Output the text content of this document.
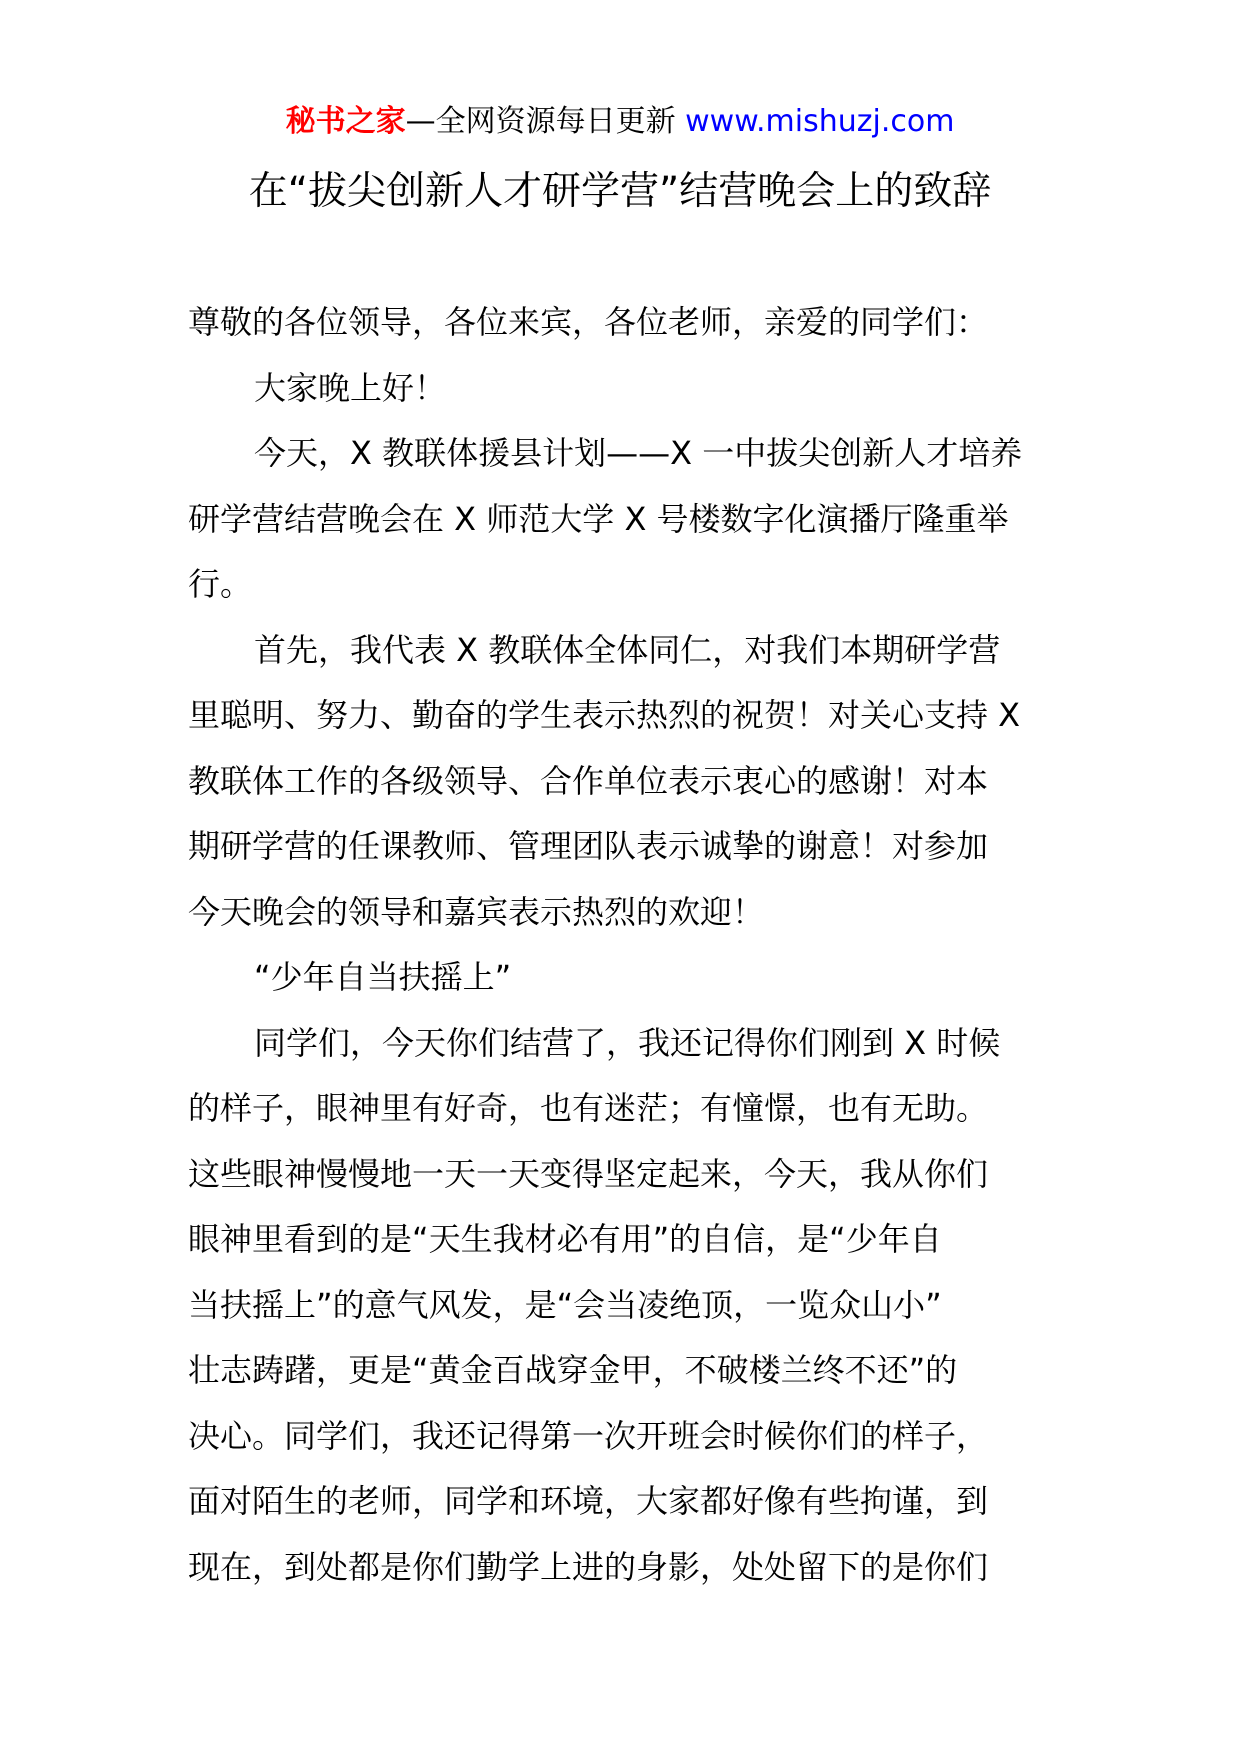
秘书之家—全网资源每日更新 www.mishuzj.com
在“拔尖创新人才研学营”结营晚会上的致辞

尊敬的各位领导，各位来宾，各位老师，亲爱的同学们：

大家晚上好！

今天，X 教联体援县计划——X 一中拔尖创新人才培养

研学营结营晚会在 X 师范大学 X 号楼数字化演播厅隆重举

行。

首先，我代表 X 教联体全体同仁，对我们本期研学营

里聪明、努力、勤奋的学生表示热烈的祝贺！对关心支持 X

教联体工作的各级领导、合作单位表示衷心的感谢！对本

期研学营的任课教师、管理团队表示诚挚的谢意！对参加

今天晚会的领导和嘉宾表示热烈的欢迎！

“少年自当扶摇上”

同学们，今天你们结营了，我还记得你们刚到 X 时候

的样子，眼神里有好奇，也有迷茫；有憧憬，也有无助。

这些眼神慢慢地一天一天变得坚定起来，今天，我从你们

眼神里看到的是“天生我材必有用”的自信，是“少年自

当扶摇上”的意气风发，是“会当凌绝顶，一览众山小”

壮志踌躇，更是“黄金百战穿金甲，不破楼兰终不还”的

决心。同学们，我还记得第一次开班会时候你们的样子，

面对陌生的老师，同学和环境，大家都好像有些拘谨，到

现在，到处都是你们勤学上进的身影，处处留下的是你们
